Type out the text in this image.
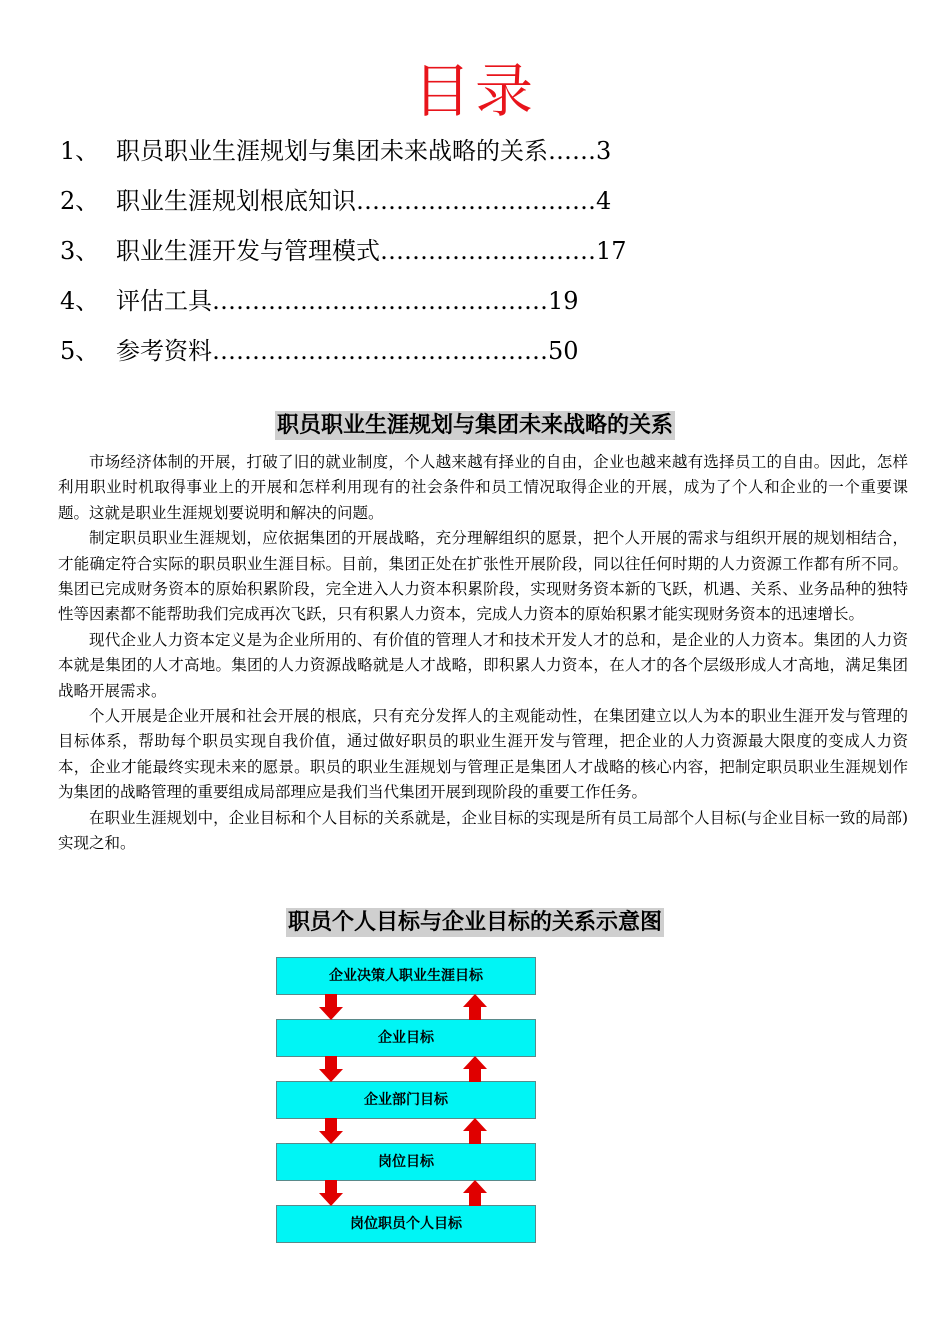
目录
1、 职员职业生涯规划与集团未来战略的关系……3
2、 职业生涯规划根底知识…………………………4
3、 职业生涯开发与管理模式………………………17
4、 评估工具……………………………………19
5、 参考资料……………………………………50
职员职业生涯规划与集团未来战略的关系

市场经济体制的开展，打破了旧的就业制度，个人越来越有择业的自由，企业也越来越有选择员工的自由。因此，怎样利用职业时机取得事业上的开展和怎样利用现有的社会条件和员工情况取得企业的开展，成为了个人和企业的一个重要课题。这就是职业生涯规划要说明和解决的问题。

制定职员职业生涯规划，应依据集团的开展战略，充分理解组织的愿景，把个人开展的需求与组织开展的规划相结合，才能确定符合实际的职员职业生涯目标。目前，集团正处在扩张性开展阶段，同以往任何时期的人力资源工作都有所不同。集团已完成财务资本的原始积累阶段，完全进入人力资本积累阶段，实现财务资本新的飞跃，机遇、关系、业务品种的独特性等因素都不能帮助我们完成再次飞跃，只有积累人力资本，完成人力资本的原始积累才能实现财务资本的迅速增长。

现代企业人力资本定义是为企业所用的、有价值的管理人才和技术开发人才的总和，是企业的人力资本。集团的人力资本就是集团的人才高地。集团的人力资源战略就是人才战略，即积累人力资本，在人才的各个层级形成人才高地，满足集团战略开展需求。

个人开展是企业开展和社会开展的根底，只有充分发挥人的主观能动性，在集团建立以人为本的职业生涯开发与管理的目标体系，帮助每个职员实现自我价值，通过做好职员的职业生涯开发与管理，把企业的人力资源最大限度的变成人力资本，企业才能最终实现未来的愿景。职员的职业生涯规划与管理正是集团人才战略的核心内容，把制定职员职业生涯规划作为集团的战略管理的重要组成局部理应是我们当代集团开展到现阶段的重要工作任务。

在职业生涯规划中，企业目标和个人目标的关系就是，企业目标的实现是所有员工局部个人目标(与企业目标一致的局部)实现之和。

职员个人目标与企业目标的关系示意图
企业决策人职业生涯目标
企业目标
企业部门目标
岗位目标
岗位职员个人目标
